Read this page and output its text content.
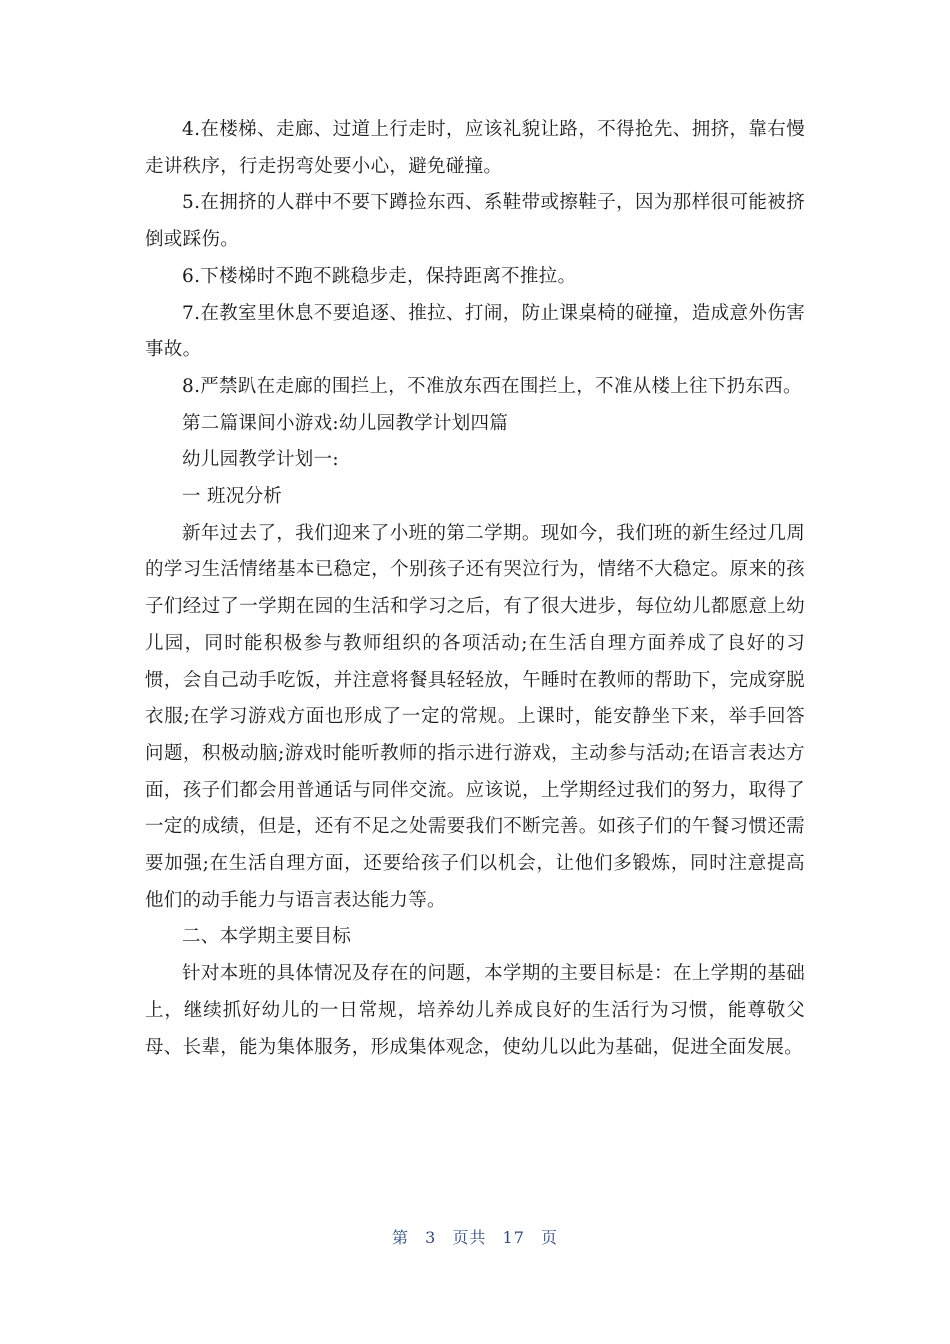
4.在楼梯、走廊、过道上行走时，应该礼貌让路，不得抢先、拥挤，靠右慢走讲秩序，行走拐弯处要小心，避免碰撞。

5.在拥挤的人群中不要下蹲捡东西、系鞋带或擦鞋子，因为那样很可能被挤倒或踩伤。

6.下楼梯时不跑不跳稳步走，保持距离不推拉。

7.在教室里休息不要追逐、推拉、打闹，防止课桌椅的碰撞，造成意外伤害事故。

8.严禁趴在走廊的围拦上，不准放东西在围拦上，不准从楼上往下扔东西。

第二篇课间小游戏:幼儿园教学计划四篇

幼儿园教学计划一:

一 班况分析

新年过去了，我们迎来了小班的第二学期。现如今，我们班的新生经过几周的学习生活情绪基本已稳定，个别孩子还有哭泣行为，情绪不大稳定。原来的孩子们经过了一学期在园的生活和学习之后，有了很大进步，每位幼儿都愿意上幼儿园，同时能积极参与教师组织的各项活动;在生活自理方面养成了良好的习惯，会自己动手吃饭，并注意将餐具轻轻放，午睡时在教师的帮助下，完成穿脱衣服;在学习游戏方面也形成了一定的常规。上课时，能安静坐下来，举手回答问题，积极动脑;游戏时能听教师的指示进行游戏，主动参与活动;在语言表达方面，孩子们都会用普通话与同伴交流。应该说，上学期经过我们的努力，取得了一定的成绩，但是，还有不足之处需要我们不断完善。如孩子们的午餐习惯还需要加强;在生活自理方面，还要给孩子们以机会，让他们多锻炼，同时注意提高他们的动手能力与语言表达能力等。

二、本学期主要目标

针对本班的具体情况及存在的问题，本学期的主要目标是：在上学期的基础上，继续抓好幼儿的一日常规，培养幼儿养成良好的生活行为习惯，能尊敬父母、长辈，能为集体服务，形成集体观念，使幼儿以此为基础，促进全面发展。

第 3 页共 17 页
